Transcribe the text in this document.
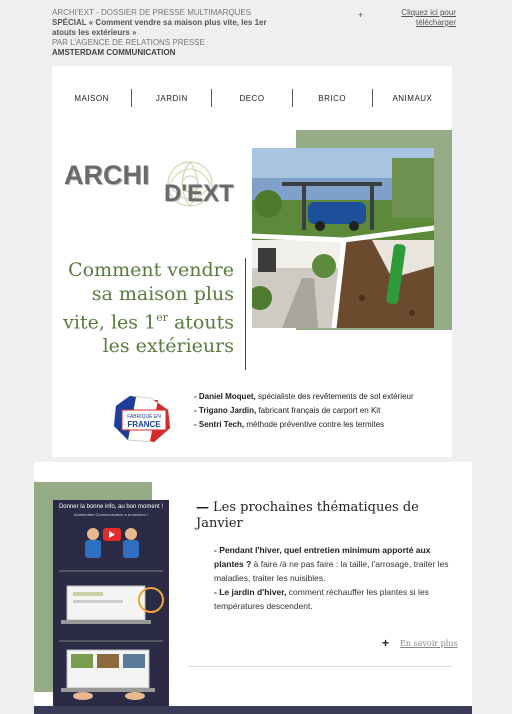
ARCHI'EXT - DOSSIER DE PRESSE MULTIMARQUES
SPÉCIAL « Comment vendre sa maison plus vite, les 1er atouts les extérieurs »
PAR L'AGENCE DE RELATIONS PRESSE
AMSTERDAM COMMUNICATION
+	Cliquez ici pour télécharger
MAISON	JARDIN	DECO	BRICO	ANIMAUX
ARCHI
D'EXT
Comment vendre
sa maison plus
vite, les 1er atouts
les extérieurs
FABRIQUÉ EN
FRANCE
- Daniel Moquet, spécialiste des revêtements de sol extérieur
- Trigano Jardin, fabricant français de carport en Kit
- Sentri Tech, méthode préventive contre les termites
Donner la bonne info, au bon moment !
Amsterdam Communication a la solution !	— Les prochaines thématiques de Janvier
- Pendant l'hiver, quel entretien minimum apporté aux plantes ? à faire /à ne pas faire : la taille, l'arrosage, traiter les maladies, traiter les nuisibles.
- Le jardin d'hiver, comment réchauffer les plantes si les températures descendent.
+ En savoir plus
